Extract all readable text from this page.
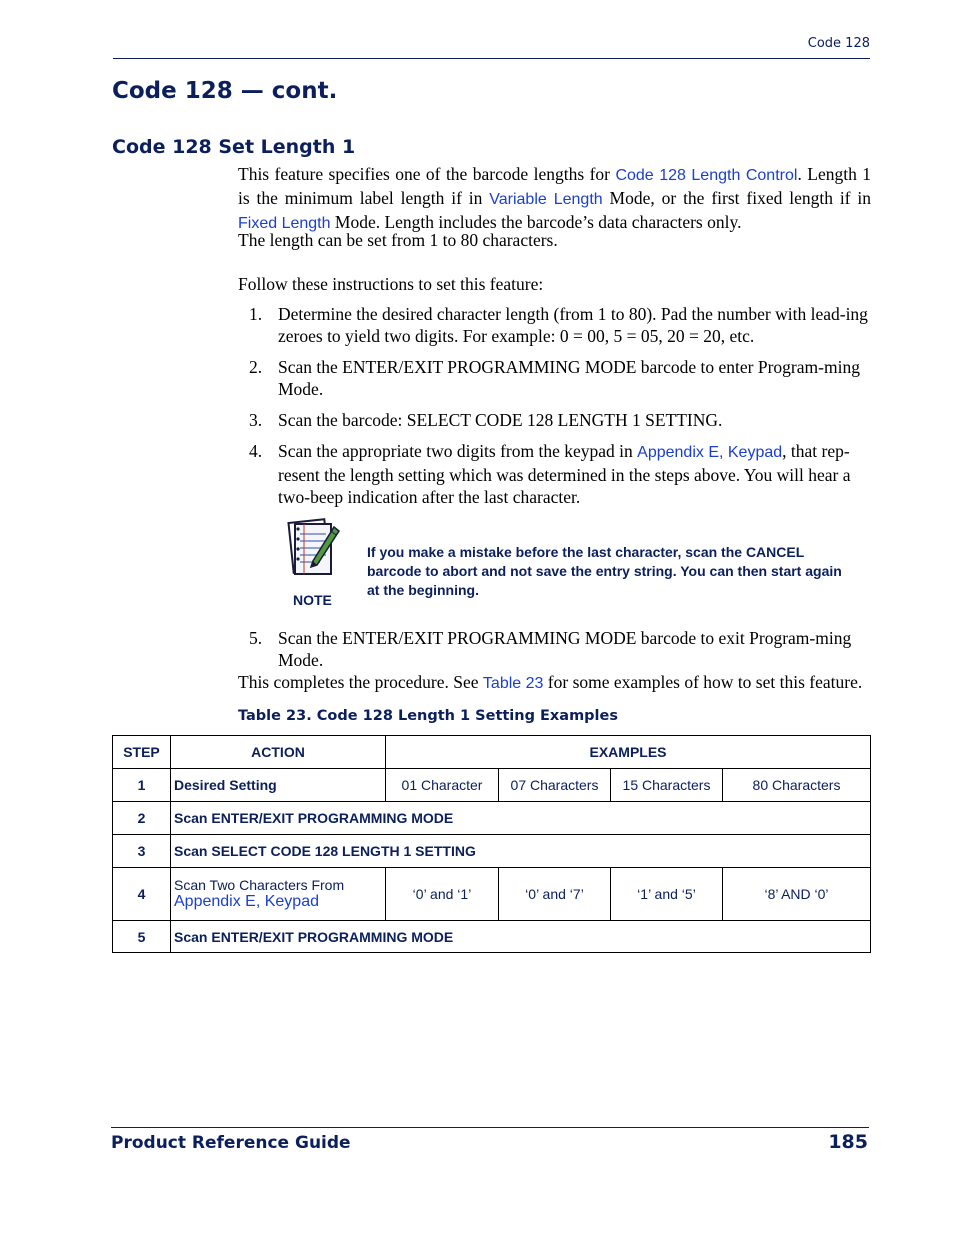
Code 128
Code 128 — cont.
Code 128 Set Length 1
This feature specifies one of the barcode lengths for Code 128 Length Control. Length 1 is the minimum label length if in Variable Length Mode, or the first fixed length if in Fixed Length Mode. Length includes the barcode’s data characters only.
The length can be set from 1 to 80 characters.
Follow these instructions to set this feature:
1. Determine the desired character length (from 1 to 80). Pad the number with lead-ing zeroes to yield two digits. For example: 0 = 00, 5 = 05, 20 = 20, etc.
2. Scan the ENTER/EXIT PROGRAMMING MODE barcode to enter Program-ming Mode.
3. Scan the barcode: SELECT CODE 128 LENGTH 1 SETTING.
4. Scan the appropriate two digits from the keypad in Appendix E, Keypad, that rep-resent the length setting which was determined in the steps above. You will hear a two-beep indication after the last character.
NOTE
If you make a mistake before the last character, scan the CANCEL barcode to abort and not save the entry string. You can then start again at the beginning.
5. Scan the ENTER/EXIT PROGRAMMING MODE barcode to exit Program-ming Mode.
This completes the procedure. See Table 23 for some examples of how to set this feature.
Table 23. Code 128 Length 1 Setting Examples
STEP	ACTION	EXAMPLES			
1	Desired Setting	01 Character	07 Characters	15 Characters	80 Characters
2	Scan ENTER/EXIT PROGRAMMING MODE				
3	Scan SELECT CODE 128 LENGTH 1 SETTING				
4	Scan Two Characters From
Appendix E, Keypad	‘0’ and ‘1’	‘0’ and ‘7’	‘1’ and ‘5’	‘8’ AND ‘0’
5	Scan ENTER/EXIT PROGRAMMING MODE				
Product Reference Guide	185
